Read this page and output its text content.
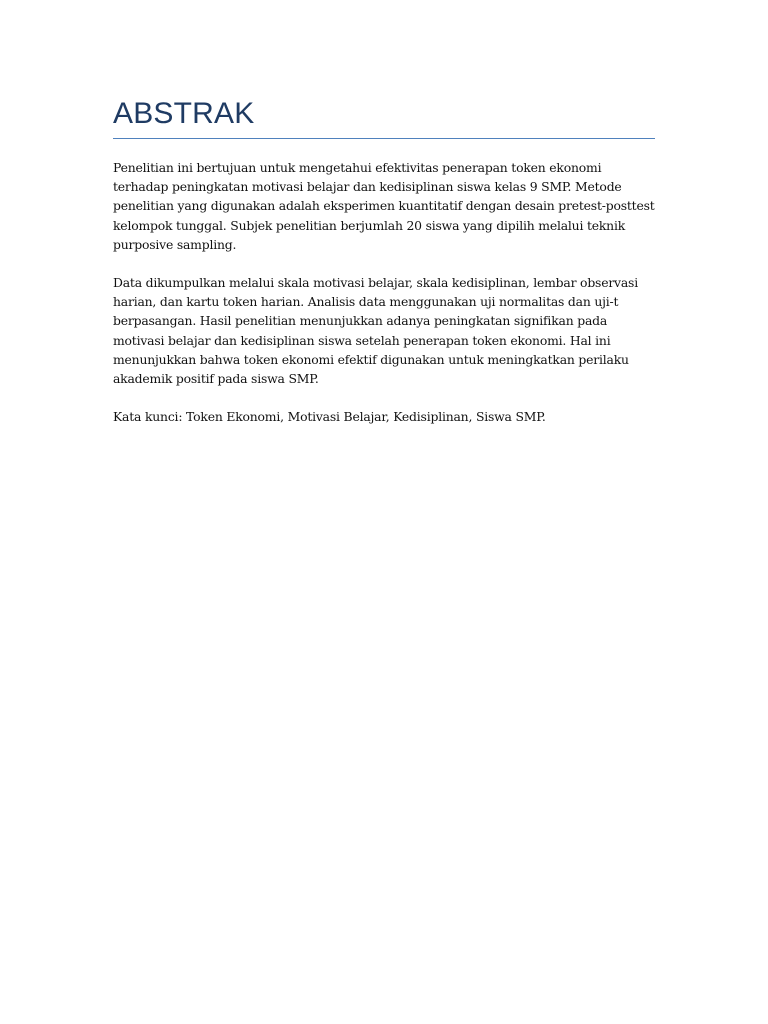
ABSTRAK

Penelitian ini bertujuan untuk mengetahui efektivitas penerapan token ekonomi terhadap peningkatan motivasi belajar dan kedisiplinan siswa kelas 9 SMP. Metode penelitian yang digunakan adalah eksperimen kuantitatif dengan desain pretest-posttest kelompok tunggal. Subjek penelitian berjumlah 20 siswa yang dipilih melalui teknik purposive sampling.

Data dikumpulkan melalui skala motivasi belajar, skala kedisiplinan, lembar observasi harian, dan kartu token harian. Analisis data menggunakan uji normalitas dan uji-t berpasangan. Hasil penelitian menunjukkan adanya peningkatan signifikan pada motivasi belajar dan kedisiplinan siswa setelah penerapan token ekonomi. Hal ini menunjukkan bahwa token ekonomi efektif digunakan untuk meningkatkan perilaku akademik positif pada siswa SMP.

Kata kunci: Token Ekonomi, Motivasi Belajar, Kedisiplinan, Siswa SMP.
